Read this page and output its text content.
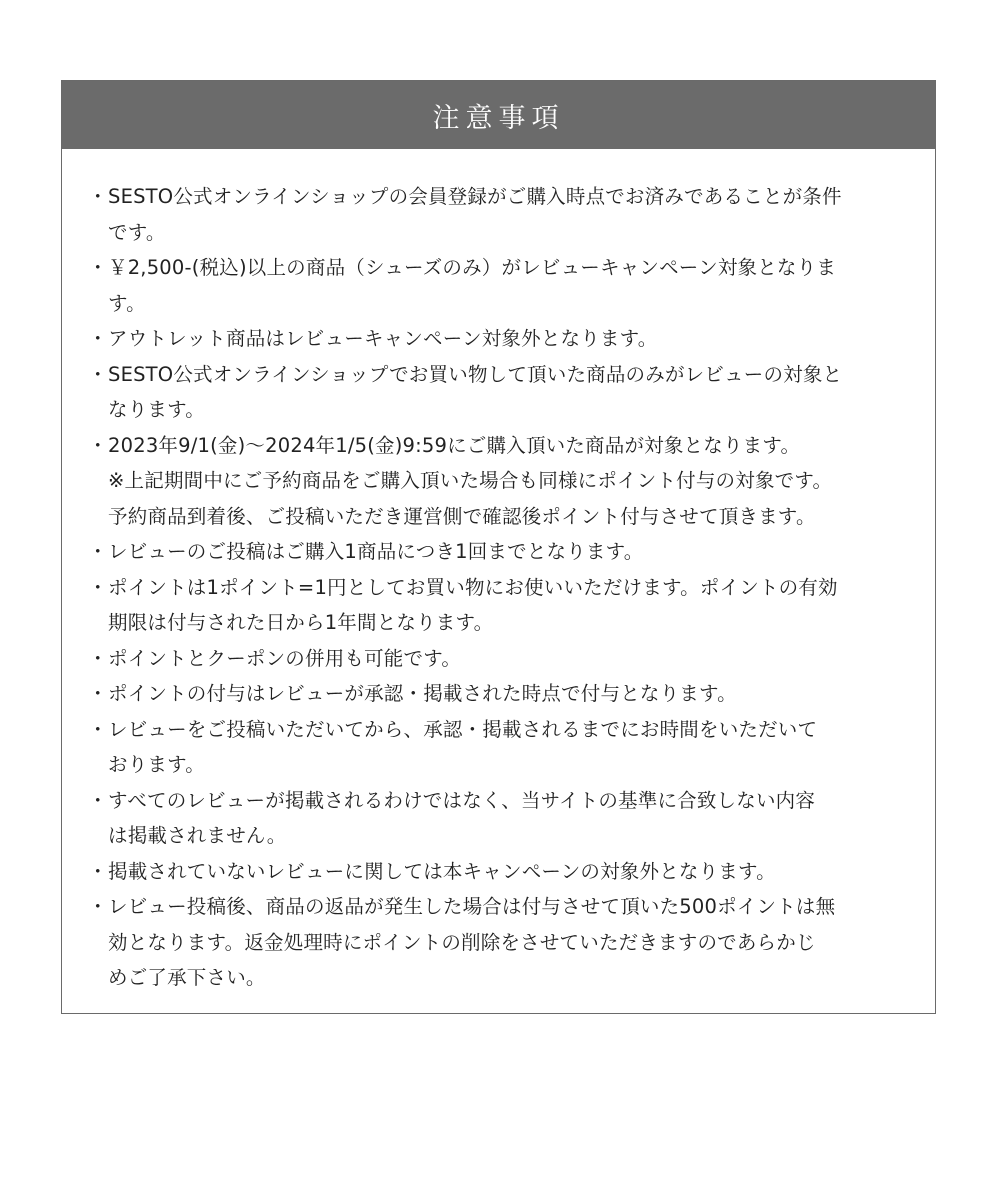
注意事項
・ SESTO公式オンラインショップの会員登録がご購入時点でお済みであることが条件
です。
・ ￥2,500-(税込)以上の商品（シューズのみ）がレビューキャンペーン対象となりま
す。
・ アウトレット商品はレビューキャンペーン対象外となります。
・ SESTO公式オンラインショップでお買い物して頂いた商品のみがレビューの対象と
なります。
・ 2023年9/1(金)〜2024年1/5(金)9:59にご購入頂いた商品が対象となります。
※上記期間中にご予約商品をご購入頂いた場合も同様にポイント付与の対象です。
予約商品到着後、ご投稿いただき運営側で確認後ポイント付与させて頂きます。
・ レビューのご投稿はご購入1商品につき1回までとなります。
・ ポイントは1ポイント=1円としてお買い物にお使いいただけます。ポイントの有効
期限は付与された日から1年間となります。
・ ポイントとクーポンの併用も可能です。
・ ポイントの付与はレビューが承認・掲載された時点で付与となります。
・ レビューをご投稿いただいてから、承認・掲載されるまでにお時間をいただいて
おります。
・ すべてのレビューが掲載されるわけではなく、当サイトの基準に合致しない内容
は掲載されません。
・ 掲載されていないレビューに関しては本キャンペーンの対象外となります。
・ レビュー投稿後、商品の返品が発生した場合は付与させて頂いた500ポイントは無
効となります。返金処理時にポイントの削除をさせていただきますのであらかじ
めご了承下さい。
